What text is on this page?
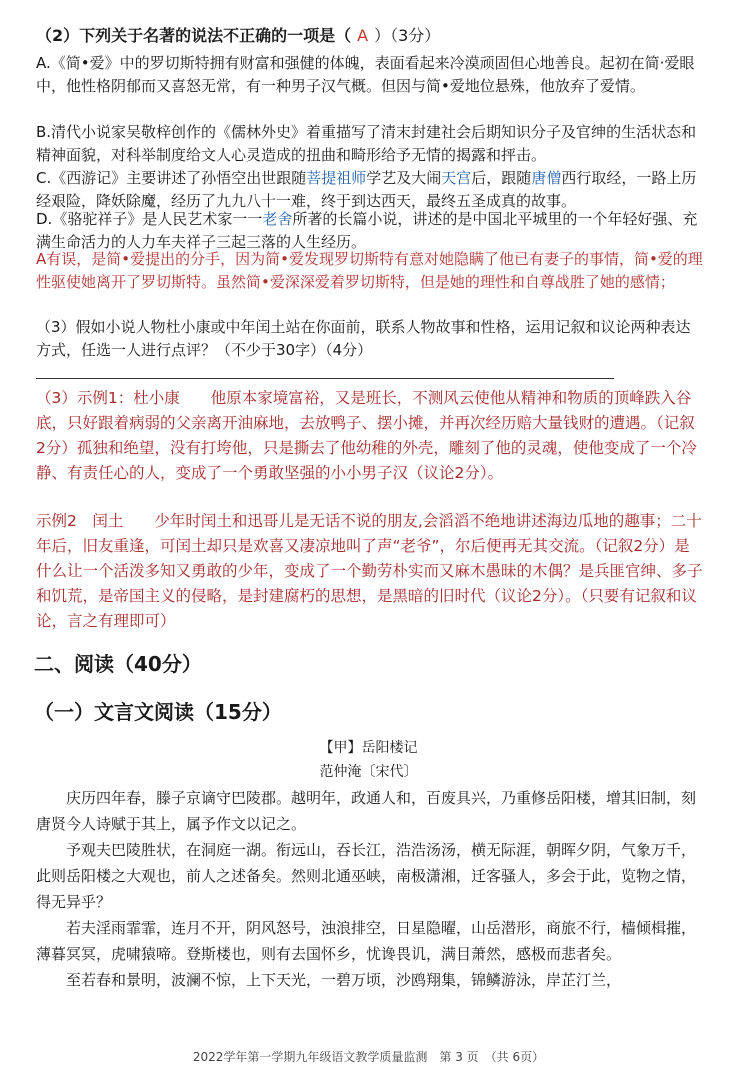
（2）下列关于名著的说法不正确的一项是（ A ）（3分）
A.《简•爱》中的罗切斯特拥有财富和强健的体魄，表面看起来冷漠顽固但心地善良。起初在简·爱眼中，他性格阴郁而又喜怒无常，有一种男子汉气概。但因与简•爱地位悬殊，他放弃了爱情。
B.清代小说家吴敬梓创作的《儒林外史》着重描写了清末封建社会后期知识分子及官绅的生活状态和精神面貌，对科举制度给文人心灵造成的扭曲和畸形给予无情的揭露和抨击。
C.《西游记》主要讲述了孙悟空出世跟随菩提祖师学艺及大闹天宫后，跟随唐僧西行取经，一路上历经艰险，降妖除魔，经历了九九八十一难，终于到达西天，最终五圣成真的故事。
D.《骆驼祥子》是人民艺术家一一老舍所著的长篇小说，讲述的是中国北平城里的一个年轻好强、充满生命活力的人力车夫祥子三起三落的人生经历。
A有误，是简•爱提出的分手，因为简•爱发现罗切斯特有意对她隐瞒了他已有妻子的事情，简•爱的理性驱使她离开了罗切斯特。虽然简•爱深深爱着罗切斯特，但是她的理性和自尊战胜了她的感情；
（3）假如小说人物杜小康或中年闰土站在你面前，联系人物故事和性格，运用记叙和议论两种表达方式，任选一人进行点评？（不少于30字）（4分）
（3）示例1：杜小康　　他原本家境富裕，又是班长，不测风云使他从精神和物质的顶峰跌入谷底，只好跟着病弱的父亲离开油麻地，去放鸭子、摆小摊，并再次经历赔大量钱财的遭遇。（记叙2分）孤独和绝望，没有打垮他，只是撕去了他幼稚的外壳，雕刻了他的灵魂，使他变成了一个冷静、有责任心的人，变成了一个勇敢坚强的小小男子汉（议论2分）。
示例2　闰土　　少年时闰土和迅哥儿是无话不说的朋友,会滔滔不绝地讲述海边瓜地的趣事；二十年后，旧友重逢，可闰土却只是欢喜又凄凉地叫了声“老爷”，尔后便再无其交流。（记叙2分）是什么让一个活泼多知又勇敢的少年，变成了一个勤劳朴实而又麻木愚昧的木偶？是兵匪官绅、多子和饥荒，是帝国主义的侵略，是封建腐朽的思想，是黑暗的旧时代（议论2分）。（只要有记叙和议论，言之有理即可）
二、阅读（40分）
（一）文言文阅读（15分）
【甲】岳阳楼记
范仲淹〔宋代〕

庆历四年春，滕子京谪守巴陵郡。越明年，政通人和，百废具兴，乃重修岳阳楼，增其旧制，刻唐贤今人诗赋于其上，属予作文以记之。

予观夫巴陵胜状，在洞庭一湖。衔远山，吞长江，浩浩汤汤，横无际涯，朝晖夕阴，气象万千，此则岳阳楼之大观也，前人之述备矣。然则北通巫峡，南极潇湘，迁客骚人，多会于此，览物之情，得无异乎？

若夫淫雨霏霏，连月不开，阴风怒号，浊浪排空，日星隐曜，山岳潜形，商旅不行，樯倾楫摧，薄暮冥冥，虎啸猿啼。登斯楼也，则有去国怀乡，忧谗畏讥，满目萧然，感极而悲者矣。

至若春和景明，波澜不惊，上下天光，一碧万顷，沙鸥翔集，锦鳞游泳，岸芷汀兰，

2022学年第一学期九年级语文教学质量监测　第 3 页　（共 6页）
